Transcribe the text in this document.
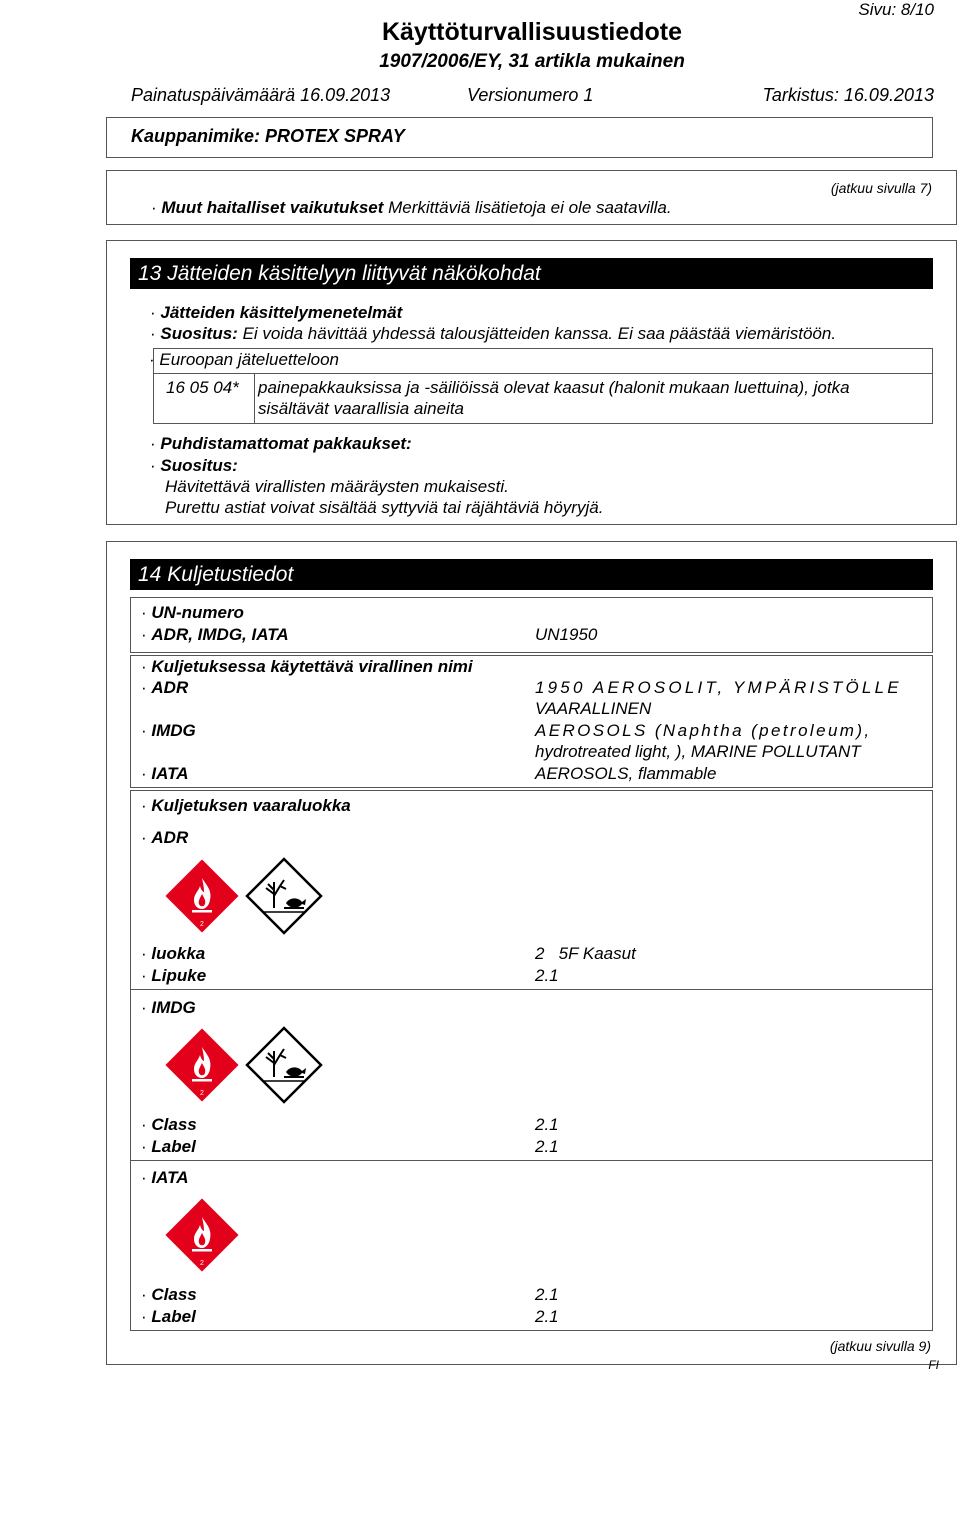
Sivu: 8/10
Käyttöturvallisuustiedote
1907/2006/EY, 31 artikla mukainen
Painatuspäivämäärä 16.09.2013	Versionumero 1	Tarkistus: 16.09.2013
Kauppanimike: PROTEX SPRAY
(jatkuu sivulla 7)
· Muut haitalliset vaikutukset Merkittäviä lisätietoja ei ole saatavilla.
13 Jätteiden käsittelyyn liittyvät näkökohdat
· Jätteiden käsittelymenetelmät
· Suositus: Ei voida hävittää yhdessä talousjätteiden kanssa. Ei saa päästää viemäristöön.
· Euroopan jäteluetteloon
16 05 04* painepakkauksissa ja -säiliöissä olevat kaasut (halonit mukaan luettuina), jotka
sisältävät vaarallisia aineita
· Puhdistamattomat pakkaukset:
· Suositus:
Hävitettävä virallisten määräysten mukaisesti.
Purettu astiat voivat sisältää syttyviä tai räjähtäviä höyryjä.
14 Kuljetustiedot
· UN-numero
· ADR, IMDG, IATA	UN1950
· Kuljetuksessa käytettävä virallinen nimi
· ADR	1950 AEROSOLIT, YMPÄRISTÖLLE
VAARALLINEN
· IMDG	AEROSOLS (Naphtha (petroleum),
hydrotreated light, ), MARINE POLLUTANT
· IATA	AEROSOLS, flammable
· Kuljetuksen vaaraluokka
· ADR
2
· luokka	2   5F Kaasut
· Lipuke	2.1
· IMDG
2
· Class	2.1
· Label	2.1
· IATA
2
· Class	2.1
· Label	2.1
(jatkuu sivulla 9)
FI
